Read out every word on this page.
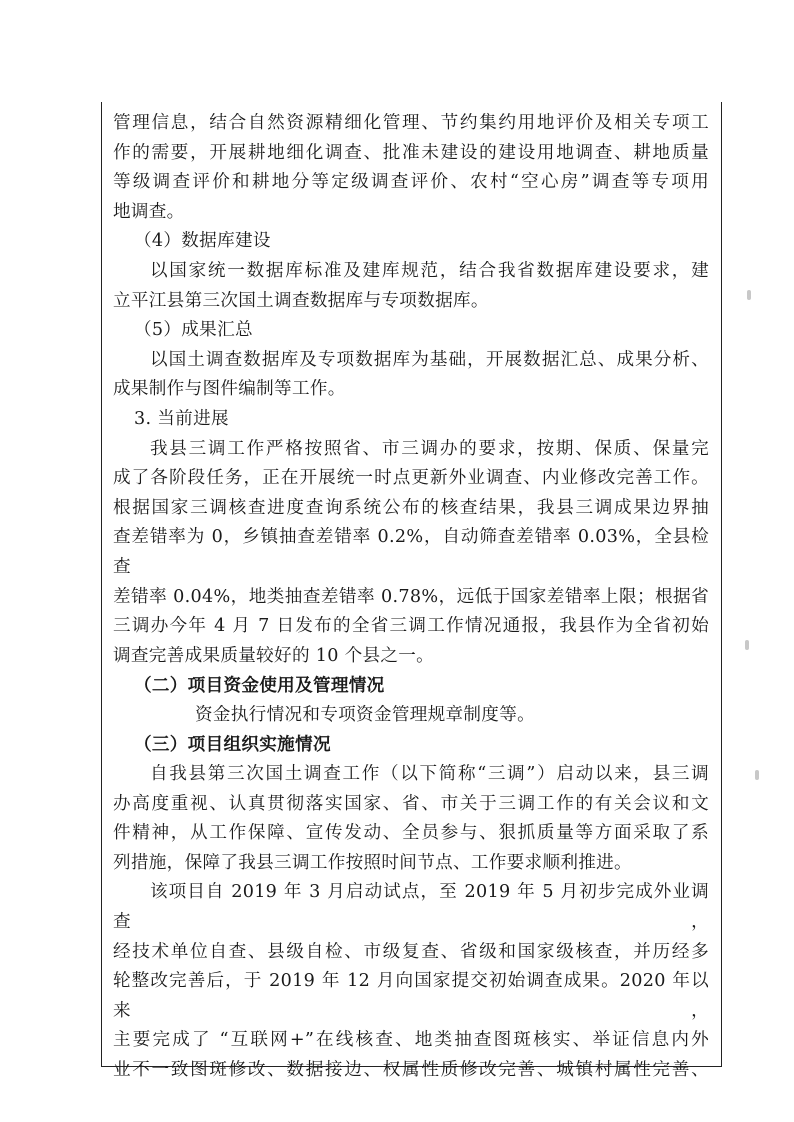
管理信息，结合自然资源精细化管理、节约集约用地评价及相关专项工

作的需要，开展耕地细化调查、批准未建设的建设用地调查、耕地质量

等级调查评价和耕地分等定级调查评价、农村“空心房”调查等专项用

地调查。

（4）数据库建设

以国家统一数据库标准及建库规范，结合我省数据库建设要求，建

立平江县第三次国土调查数据库与专项数据库。

（5）成果汇总

以国土调查数据库及专项数据库为基础，开展数据汇总、成果分析、

成果制作与图件编制等工作。

3. 当前进展

我县三调工作严格按照省、市三调办的要求，按期、保质、保量完

成了各阶段任务，正在开展统一时点更新外业调查、内业修改完善工作。

根据国家三调核查进度查询系统公布的核查结果，我县三调成果边界抽

查差错率为 0，乡镇抽查差错率 0.2%，自动筛查差错率 0.03%，全县检查

差错率 0.04%，地类抽查差错率 0.78%，远低于国家差错率上限；根据省

三调办今年 4 月 7 日发布的全省三调工作情况通报，我县作为全省初始

调查完善成果质量较好的 10 个县之一。

（二）项目资金使用及管理情况

资金执行情况和专项资金管理规章制度等。

（三）项目组织实施情况

自我县第三次国土调查工作（以下简称“三调”）启动以来，县三调

办高度重视、认真贯彻落实国家、省、市关于三调工作的有关会议和文

件精神，从工作保障、宣传发动、全员参与、狠抓质量等方面采取了系

列措施，保障了我县三调工作按照时间节点、工作要求顺利推进。

该项目自 2019 年 3 月启动试点，至 2019 年 5 月初步完成外业调查，

经技术单位自查、县级自检、市级复查、省级和国家级核查，并历经多

轮整改完善后，于 2019 年 12 月向国家提交初始调查成果。2020 年以来，

主要完成了 “互联网+”在线核查、地类抽查图斑核实、举证信息内外

业不一致图斑修改、数据接边、权属性质修改完善、城镇村属性完善、
